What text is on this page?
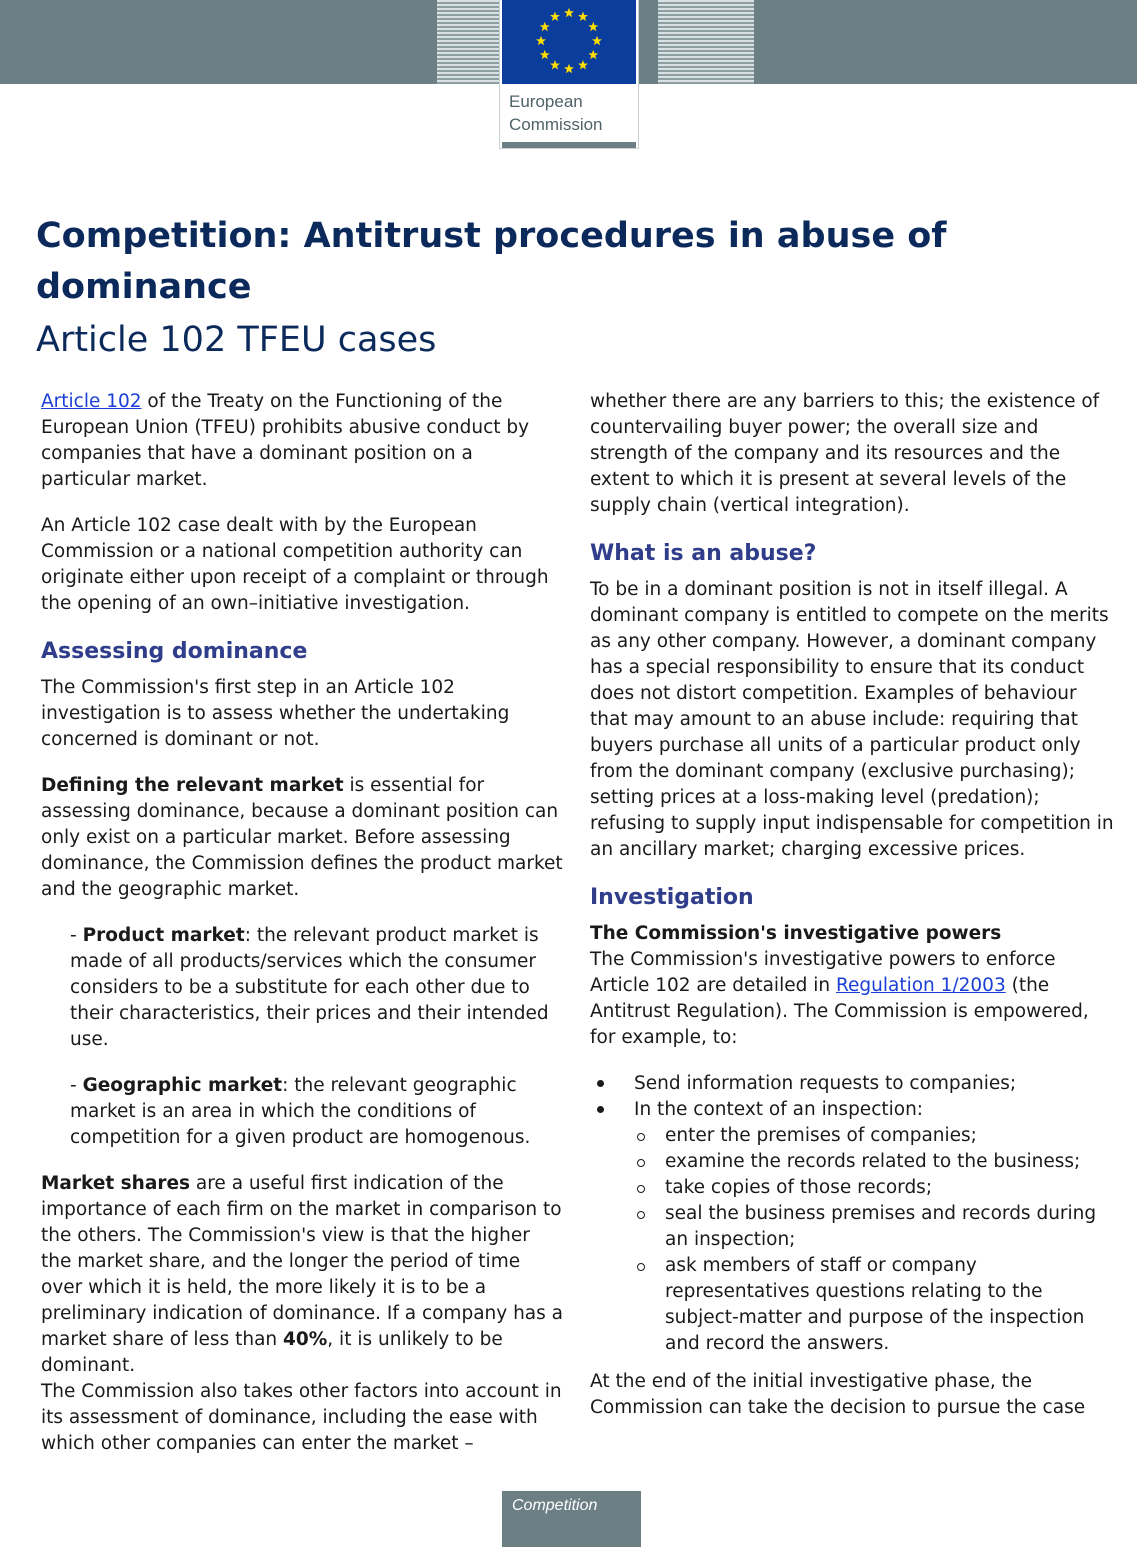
European
Commission
Competition: Antitrust procedures in abuse of dominance
Article 102 TFEU cases

Article 102 of the Treaty on the Functioning of the European Union (TFEU) prohibits abusive conduct by companies that have a dominant position on a particular market.

An Article 102 case dealt with by the European Commission or a national competition authority can originate either upon receipt of a complaint or through the opening of an own–initiative investigation.

Assessing dominance

The Commission's first step in an Article 102 investigation is to assess whether the undertaking concerned is dominant or not.

Defining the relevant market is essential for assessing dominance, because a dominant position can only exist on a particular market. Before assessing dominance, the Commission defines the product market and the geographic market.

- Product market: the relevant product market is made of all products/services which the consumer considers to be a substitute for each other due to their characteristics, their prices and their intended use.

- Geographic market: the relevant geographic market is an area in which the conditions of competition for a given product are homogenous.

Market shares are a useful first indication of the importance of each firm on the market in comparison to the others. The Commission's view is that the higher the market share, and the longer the period of time over which it is held, the more likely it is to be a preliminary indication of dominance. If a company has a market share of less than 40%, it is unlikely to be dominant.

The Commission also takes other factors into account in its assessment of dominance, including the ease with which other companies can enter the market –

whether there are any barriers to this; the existence of countervailing buyer power; the overall size and strength of the company and its resources and the extent to which it is present at several levels of the supply chain (vertical integration).

What is an abuse?

To be in a dominant position is not in itself illegal. A dominant company is entitled to compete on the merits as any other company. However, a dominant company has a special responsibility to ensure that its conduct does not distort competition. Examples of behaviour that may amount to an abuse include: requiring that buyers purchase all units of a particular product only from the dominant company (exclusive purchasing); setting prices at a loss-making level (predation); refusing to supply input indispensable for competition in an ancillary market; charging excessive prices.

Investigation
The Commission's investigative powers

The Commission's investigative powers to enforce Article 102 are detailed in Regulation 1/2003 (the Antitrust Regulation). The Commission is empowered, for example, to:

Send information requests to companies;
In the context of an inspection:
enter the premises of companies;
examine the records related to the business;
take copies of those records;
seal the business premises and records during an inspection;
ask members of staff or company representatives questions relating to the subject-matter and purpose of the inspection and record the answers.

At the end of the initial investigative phase, the Commission can take the decision to pursue the case

Competition
